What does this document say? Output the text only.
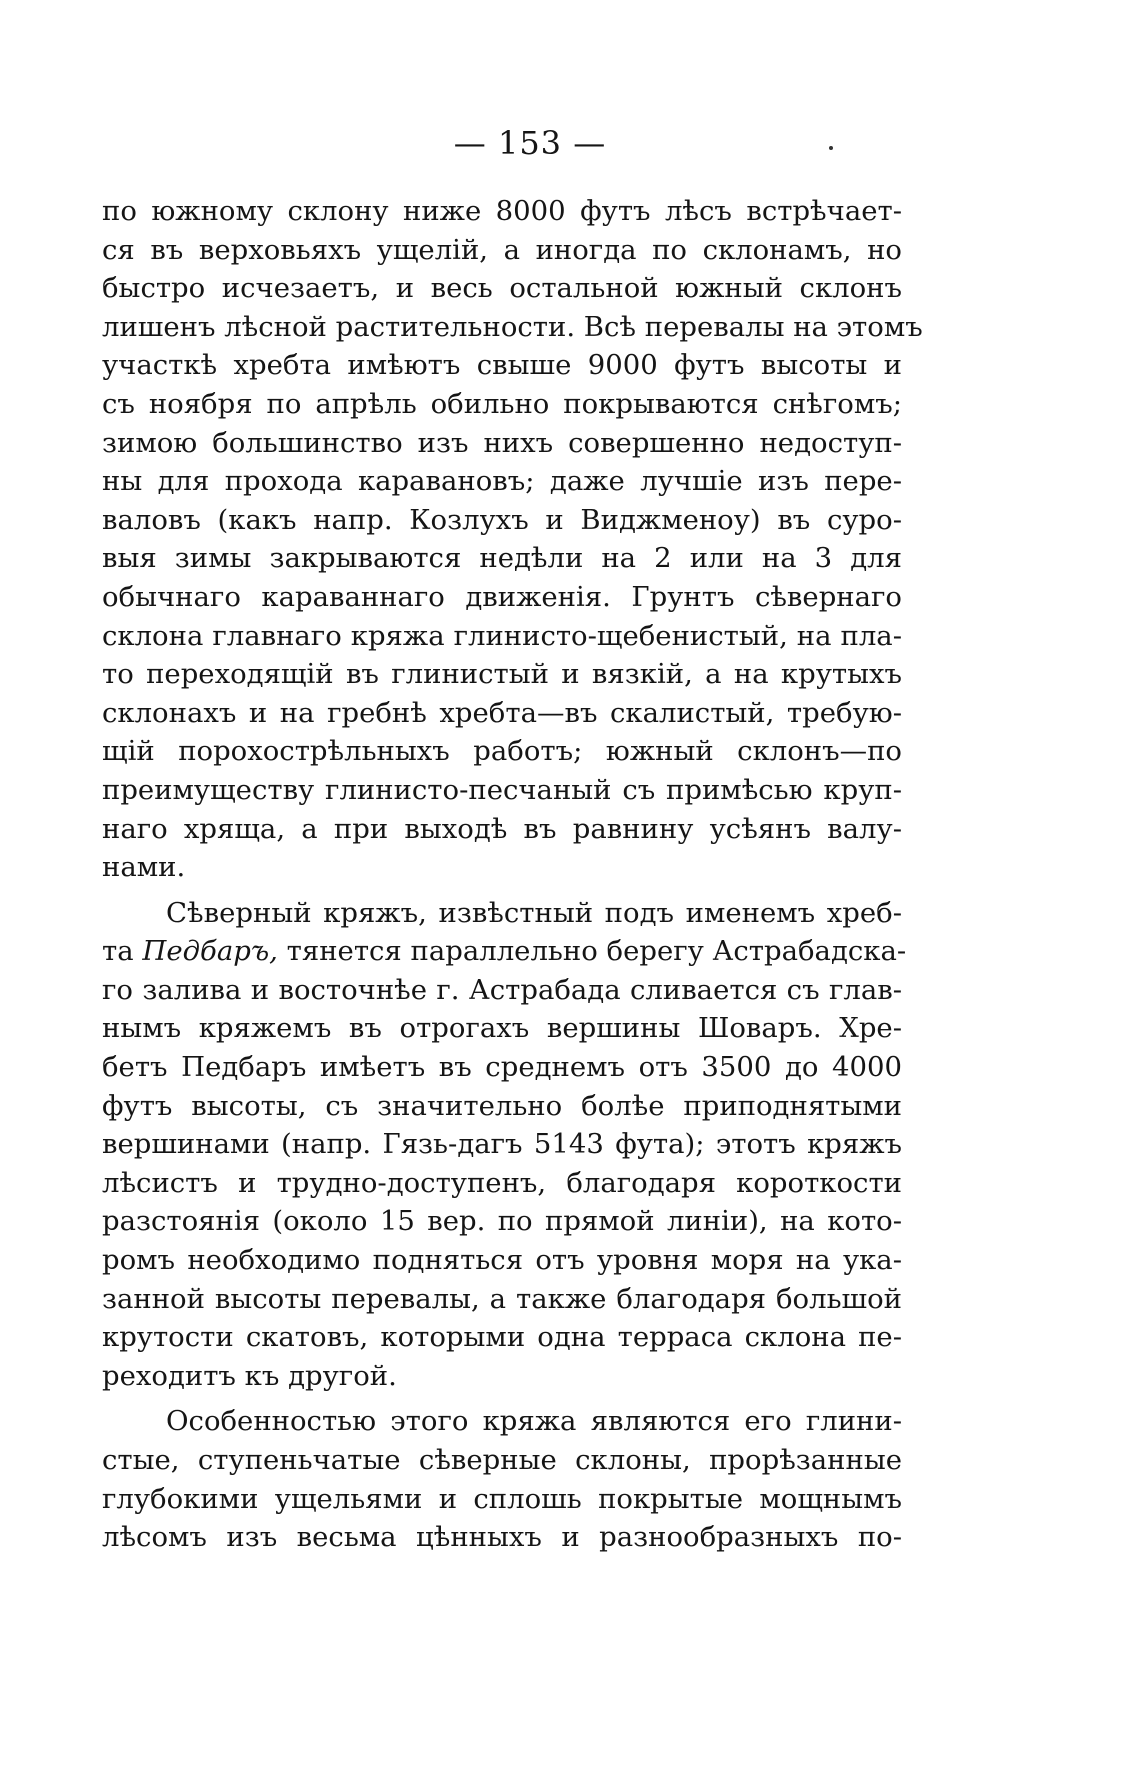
— 153 —
по южному склону ниже 8000 футъ лѣсъ встрѣчает-
ся въ верховьяхъ ущелій, а иногда по склонамъ, но
быстро исчезаетъ, и весь остальной южный склонъ
лишенъ лѣсной растительности. Всѣ перевалы на этомъ
участкѣ хребта имѣютъ свыше 9000 футъ высоты и
съ ноября по апрѣль обильно покрываются снѣгомъ;
зимою большинство изъ нихъ совершенно недоступ-
ны для прохода каравановъ; даже лучшіе изъ пере-
валовъ (какъ напр. Козлухъ и Виджменоу) въ суро-
выя зимы закрываются недѣли на 2 или на 3 для
обычнаго караваннаго движенія. Грунтъ сѣвернаго
склона главнаго кряжа глинисто-щебенистый, на пла-
то переходящій въ глинистый и вязкій, а на крутыхъ
склонахъ и на гребнѣ хребта—въ скалистый, требую-
щій порохострѣльныхъ работъ; южный склонъ—по
преимуществу глинисто-песчаный съ примѣсью круп-
наго хряща, а при выходѣ въ равнину усѣянъ валу-
нами.
Сѣверный кряжъ, извѣстный подъ именемъ хреб-
та Педбаръ, тянется параллельно берегу Астрабадска-
го залива и восточнѣе г. Астрабада сливается съ глав-
нымъ кряжемъ въ отрогахъ вершины Шоваръ. Хре-
бетъ Педбаръ имѣетъ въ среднемъ отъ 3500 до 4000
футъ высоты, съ значительно болѣе приподнятыми
вершинами (напр. Гязь-дагъ 5143 фута); этотъ кряжъ
лѣсистъ и трудно-доступенъ, благодаря короткости
разстоянія (около 15 вер. по прямой линіи), на кото-
ромъ необходимо подняться отъ уровня моря на ука-
занной высоты перевалы, а также благодаря большой
крутости скатовъ, которыми одна терраса склона пе-
реходитъ къ другой.
Особенностью этого кряжа являются его глини-
стые, ступеньчатые сѣверные склоны, прорѣзанные
глубокими ущельями и сплошь покрытые мощнымъ
лѣсомъ изъ весьма цѣнныхъ и разнообразныхъ по-
